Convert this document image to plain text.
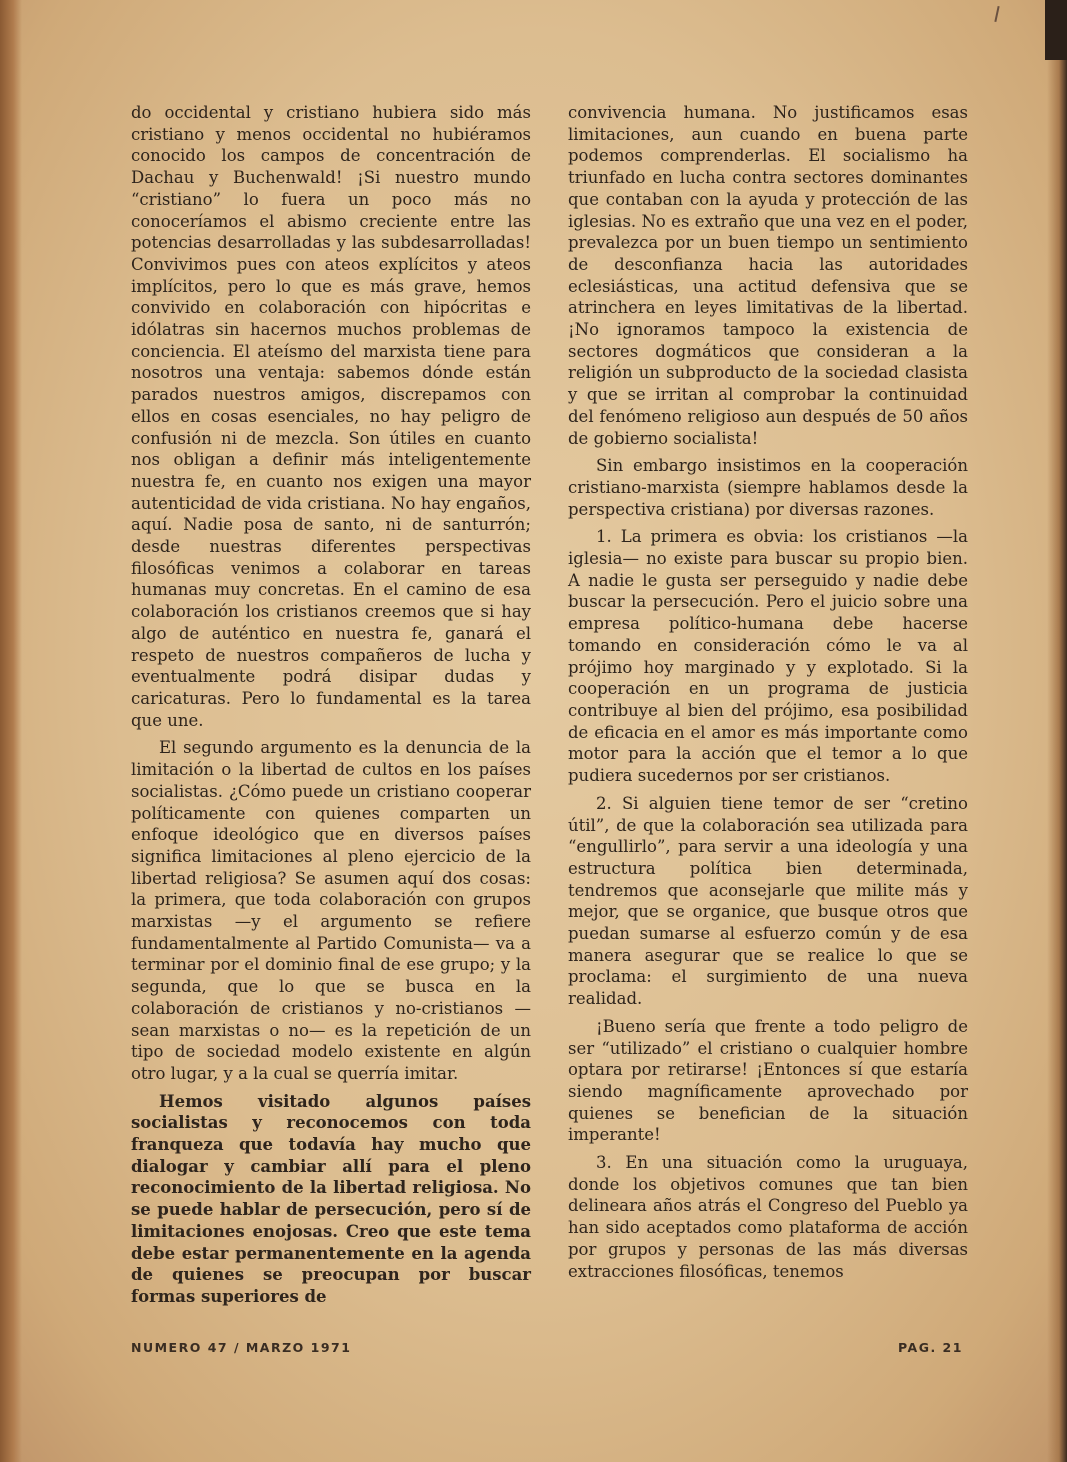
do occidental y cristiano hubiera sido más cristiano y menos occidental no hubiéramos conocido los campos de concentración de Dachau y Buchenwald! ¡Si nuestro mundo “cristiano” lo fuera un poco más no conoceríamos el abismo creciente entre las potencias desarrolladas y las subdesarrolladas! Convivimos pues con ateos explícitos y ateos implícitos, pero lo que es más grave, hemos convivido en colaboración con hipócritas e idólatras sin hacernos muchos problemas de conciencia. El ateísmo del marxista tiene para nosotros una ventaja: sabemos dónde están parados nuestros amigos, discrepamos con ellos en cosas esenciales, no hay peligro de confusión ni de mezcla. Son útiles en cuanto nos obligan a definir más inteligentemente nuestra fe, en cuanto nos exigen una mayor autenticidad de vida cristiana. No hay engaños, aquí. Nadie posa de santo, ni de santurrón; desde nuestras diferentes perspectivas filosóficas venimos a colaborar en tareas humanas muy concretas. En el camino de esa colaboración los cristianos creemos que si hay algo de auténtico en nuestra fe, ganará el respeto de nuestros compañeros de lucha y eventualmente podrá disipar dudas y caricaturas. Pero lo fundamental es la tarea que une.

El segundo argumento es la denuncia de la limitación o la libertad de cultos en los países socialistas. ¿Cómo puede un cristiano cooperar políticamente con quienes comparten un enfoque ideológico que en diversos países significa limitaciones al pleno ejercicio de la libertad religiosa? Se asumen aquí dos cosas: la primera, que toda colaboración con grupos marxistas —y el argumento se refiere fundamentalmente al Partido Comunista— va a terminar por el dominio final de ese grupo; y la segunda, que lo que se busca en la colaboración de cristianos y no-cristianos —sean marxistas o no— es la repetición de un tipo de sociedad modelo existente en algún otro lugar, y a la cual se querría imitar.

Hemos visitado algunos países socialistas y reconocemos con toda franqueza que todavía hay mucho que dialogar y cambiar allí para el pleno reconocimiento de la libertad religiosa. No se puede hablar de persecución, pero sí de limitaciones enojosas. Creo que este tema debe estar permanentemente en la agenda de quienes se preocupan por buscar formas superiores de

convivencia humana. No justificamos esas limitaciones, aun cuando en buena parte podemos comprenderlas. El socialismo ha triunfado en lucha contra sectores dominantes que contaban con la ayuda y protección de las iglesias. No es extraño que una vez en el poder, prevalezca por un buen tiempo un sentimiento de desconfianza hacia las autoridades eclesiásticas, una actitud defensiva que se atrinchera en leyes limitativas de la libertad. ¡No ignoramos tampoco la existencia de sectores dogmáticos que consideran a la religión un subproducto de la sociedad clasista y que se irritan al comprobar la continuidad del fenómeno religioso aun después de 50 años de gobierno socialista!

Sin embargo insistimos en la cooperación cristiano-marxista (siempre hablamos desde la perspectiva cristiana) por diversas razones.

1. La primera es obvia: los cristianos —la iglesia— no existe para buscar su propio bien. A nadie le gusta ser perseguido y nadie debe buscar la persecución. Pero el juicio sobre una empresa político-humana debe hacerse tomando en consideración cómo le va al prójimo hoy marginado y y explotado. Si la cooperación en un programa de justicia contribuye al bien del prójimo, esa posibilidad de eficacia en el amor es más importante como motor para la acción que el temor a lo que pudiera sucedernos por ser cristianos.

2. Si alguien tiene temor de ser “cretino útil”, de que la colaboración sea utilizada para “engullirlo”, para servir a una ideología y una estructura política bien determinada, tendremos que aconsejarle que milite más y mejor, que se organice, que busque otros que puedan sumarse al esfuerzo común y de esa manera asegurar que se realice lo que se proclama: el surgimiento de una nueva realidad.

¡Bueno sería que frente a todo peligro de ser “utilizado” el cristiano o cualquier hombre optara por retirarse! ¡Entonces sí que estaría siendo magníficamente aprovechado por quienes se benefician de la situación imperante!

3. En una situación como la uruguaya, donde los objetivos comunes que tan bien delineara años atrás el Congreso del Pueblo ya han sido aceptados como plataforma de acción por grupos y personas de las más diversas extracciones filosóficas, tenemos

NUMERO 47 / MARZO 1971	PAG. 21
